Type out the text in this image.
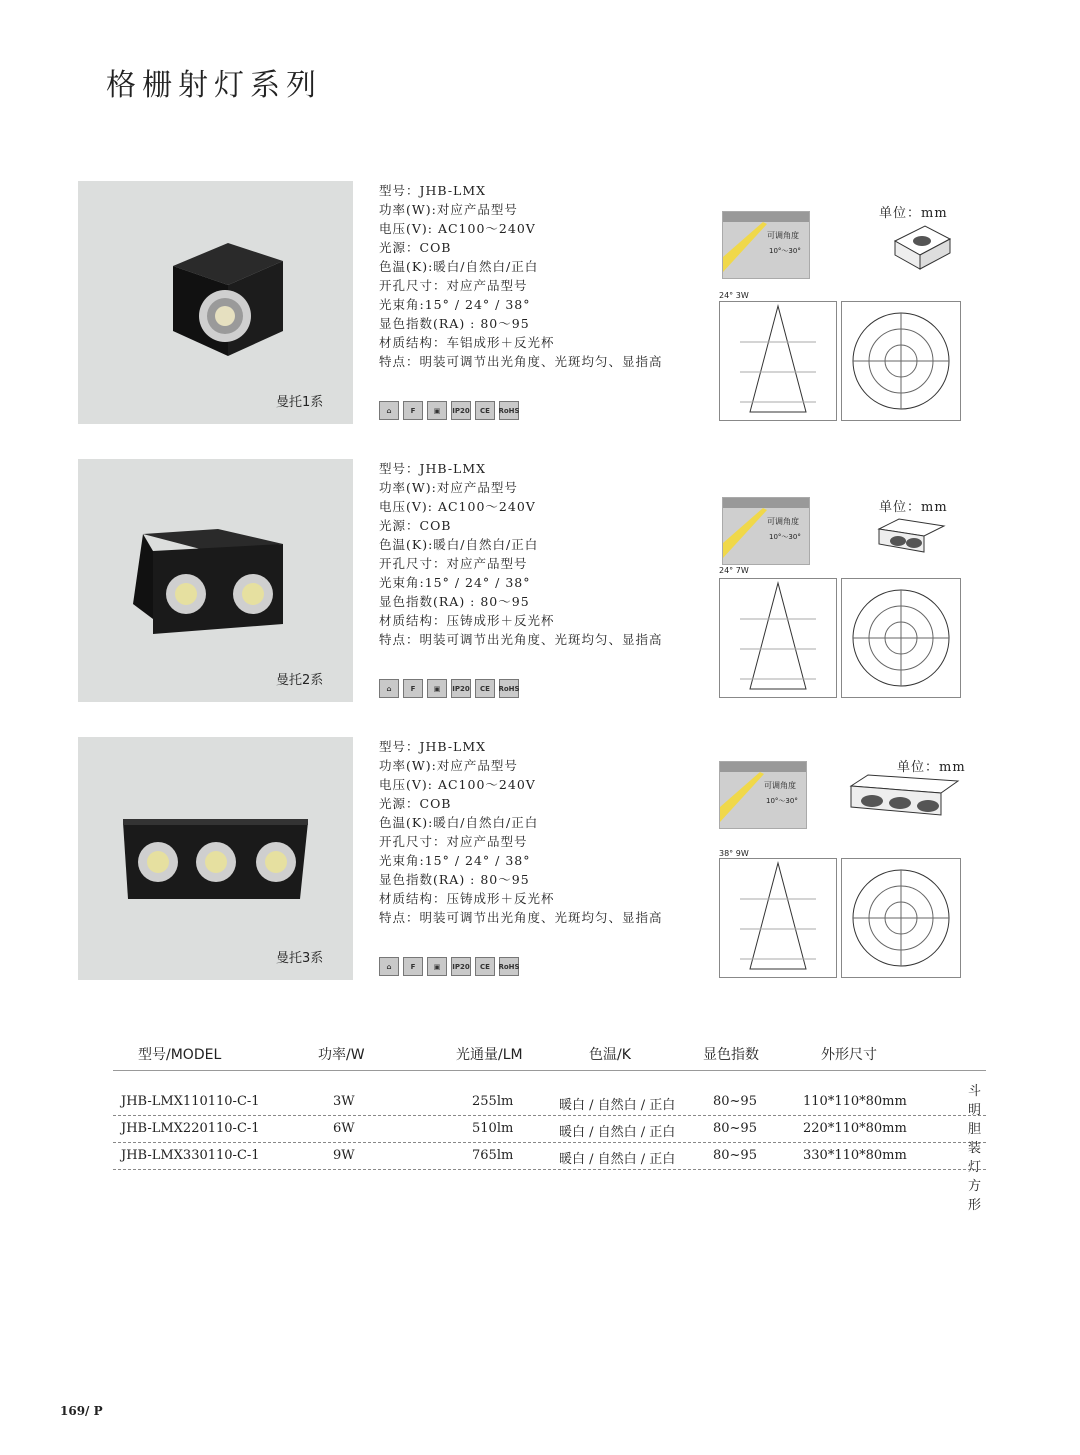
格栅射灯系列
曼托1系
型号：JHB-LMX
功率(W):对应产品型号
电压(V): AC100～240V
光源：COB
色温(K):暖白/自然白/正白
开孔尺寸：对应产品型号
光束角:15° / 24° / 38°
显色指数(RA) : 80～95
材质结构：车铝成形＋反光杯
特点：明装可调节出光角度、光斑均匀、显指高
⌂	F	▣	IP20	CE	RoHS
可调角度
10°～30°
单位：mm
24° 3W
曼托2系
型号：JHB-LMX
功率(W):对应产品型号
电压(V): AC100～240V
光源：COB
色温(K):暖白/自然白/正白
开孔尺寸：对应产品型号
光束角:15° / 24° / 38°
显色指数(RA) : 80～95
材质结构：压铸成形＋反光杯
特点：明装可调节出光角度、光斑均匀、显指高
⌂	F	▣	IP20	CE	RoHS
可调角度
10°～30°
单位：mm
24° 7W
曼托3系
型号：JHB-LMX
功率(W):对应产品型号
电压(V): AC100～240V
光源：COB
色温(K):暖白/自然白/正白
开孔尺寸：对应产品型号
光束角:15° / 24° / 38°
显色指数(RA) : 80～95
材质结构：压铸成形＋反光杯
特点：明装可调节出光角度、光斑均匀、显指高
⌂	F	▣	IP20	CE	RoHS
可调角度
10°～30°
单位：mm
38° 9W
型号/MODEL	功率/W	光通量/LM	色温/K	显色指数	外形尺寸
JHB-LMX110110-C-1	3W	255lm	暖白 / 自然白 / 正白	80~95	110*110*80mm
JHB-LMX220110-C-1	6W	510lm	暖白 / 自然白 / 正白	80~95	220*110*80mm
JHB-LMX330110-C-1	9W	765lm	暖白 / 自然白 / 正白	80~95	330*110*80mm
斗 明
胆 装
灯 方
形
169/ P
